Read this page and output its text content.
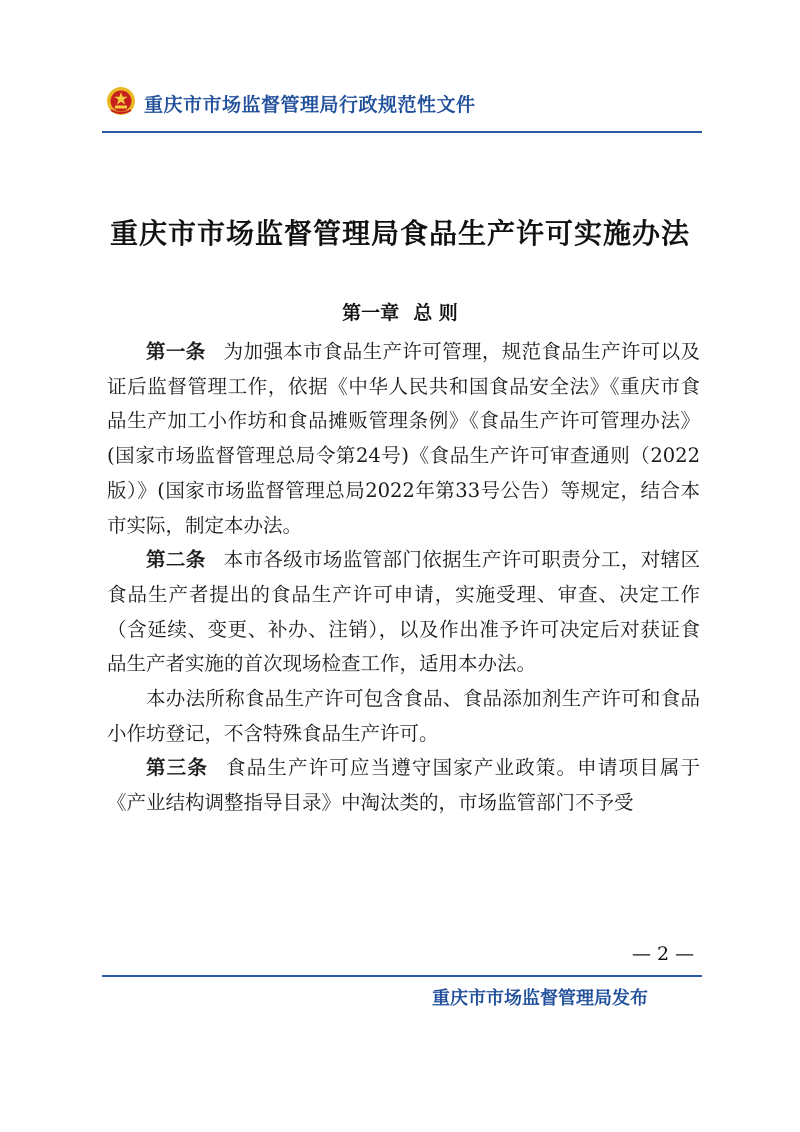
重庆市市场监督管理局行政规范性文件
重庆市市场监督管理局食品生产许可实施办法
第一章 总 则

第一条 为加强本市食品生产许可管理，规范食品生产许可以及证后监督管理工作，依据《中华人民共和国食品安全法》《重庆市食品生产加工小作坊和食品摊贩管理条例》《食品生产许可管理办法》(国家市场监督管理总局令第24号)《食品生产许可审查通则（2022版）》(国家市场监督管理总局2022年第33号公告）等规定，结合本市实际，制定本办法。

第二条 本市各级市场监管部门依据生产许可职责分工，对辖区食品生产者提出的食品生产许可申请，实施受理、审查、决定工作（含延续、变更、补办、注销），以及作出准予许可决定后对获证食品生产者实施的首次现场检查工作，适用本办法。

本办法所称食品生产许可包含食品、食品添加剂生产许可和食品小作坊登记，不含特殊食品生产许可。

第三条 食品生产许可应当遵守国家产业政策。申请项目属于《产业结构调整指导目录》中淘汰类的，市场监管部门不予受

— 2 —
重庆市市场监督管理局发布
